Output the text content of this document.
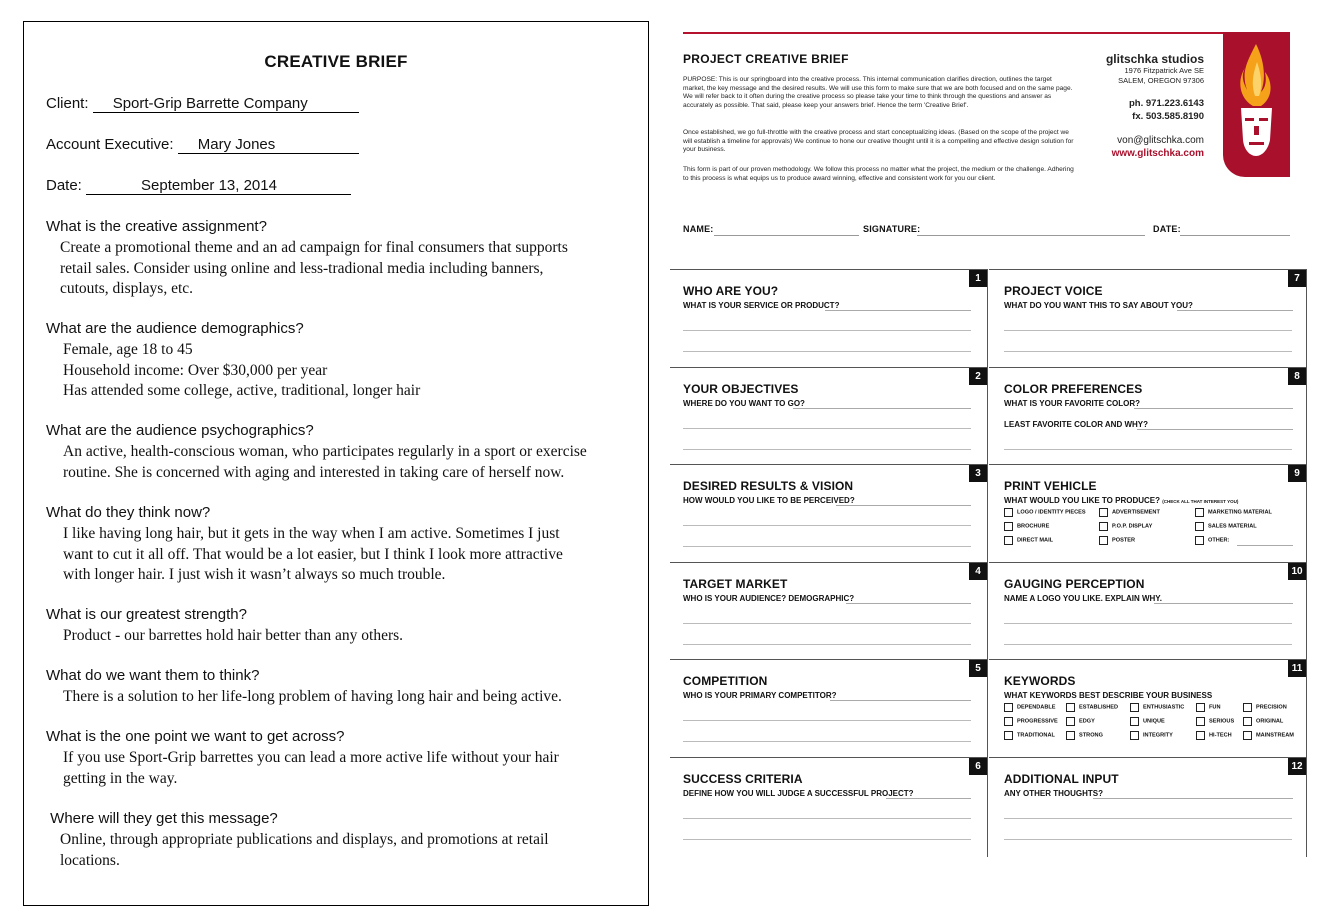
CREATIVE BRIEF
Client: Sport-Grip Barrette Company
Account Executive: Mary Jones
Date:	September 13, 2014
What is the creative assignment?
Create a promotional theme and an ad campaign for final consumers that supports
retail sales. Consider using online and less-tradional media including banners,
cutouts, displays, etc.
What are the audience demographics?
Female, age 18 to 45
Household income: Over $30,000 per year
Has attended some college, active, traditional, longer hair
What are the audience psychographics?
An active, health-conscious woman, who participates regularly in a sport or exercise
routine. She is concerned with aging and interested in taking care of herself now.
What do they think now?
I like having long hair, but it gets in the way when I am active. Sometimes I just
want to cut it all off. That would be a lot easier, but I think I look more attractive
with longer hair. I just wish it wasn’t always so much trouble.
What is our greatest strength?
Product - our barrettes hold hair better than any others.
What do we want them to think?
There is a solution to her life-long problem of having long hair and being active.
What is the one point we want to get across?
If you use Sport-Grip barrettes you can lead a more active life without your hair
getting in the way.
Where will they get this message?
Online, through appropriate publications and displays, and promotions at retail
locations.
PROJECT CREATIVE BRIEF
PURPOSE: This is our springboard into the creative process. This internal communication clarifies direction, outlines the target market, the key message and the desired results. We will use this form to make sure that we are both focused and on the same page. We will refer back to it often during the creative process so please take your time to think through the questions and answer as accurately as possible. That said, please keep your answers brief. Hence the term 'Creative Brief'.
Once established, we go full-throttle with the creative process and start conceptualizing ideas. (Based on the scope of the project we will establish a timeline for approvals) We continue to hone our creative thought until it is a compelling and effective design solution for your business.
This form is part of our proven methodology. We follow this process no matter what the project, the medium or the challenge. Adhering to this process is what equips us to produce award winning, effective and consistent work for you our client.
glitschka studios
1976 Fitzpatrick Ave SE
SALEM, OREGON 97306
ph. 971.223.6143
fx. 503.585.8190
von@glitschka.com
www.glitschka.com
NAME:	SIGNATURE:	DATE:
1
WHO ARE YOU?
WHAT IS YOUR SERVICE OR PRODUCT?
2
YOUR OBJECTIVES
WHERE DO YOU WANT TO GO?
3
DESIRED RESULTS & VISION
HOW WOULD YOU LIKE TO BE PERCEIVED?
4
TARGET MARKET
WHO IS YOUR AUDIENCE? DEMOGRAPHIC?
5
COMPETITION
WHO IS YOUR PRIMARY COMPETITOR?
6
SUCCESS CRITERIA
DEFINE HOW YOU WILL JUDGE A SUCCESSFUL PROJECT?
7
PROJECT VOICE
WHAT DO YOU WANT THIS TO SAY ABOUT YOU?
8
COLOR PREFERENCES
WHAT IS YOUR FAVORITE COLOR?
LEAST FAVORITE COLOR AND WHY?
9
PRINT VEHICLE
WHAT WOULD YOU LIKE TO PRODUCE? (CHECK ALL THAT INTEREST YOU)
LOGO / IDENTITY PIECES	ADVERTISEMENT	MARKETING MATERIAL
BROCHURE	P.O.P. DISPLAY	SALES MATERIAL
DIRECT MAIL	POSTER	OTHER:
10
GAUGING PERCEPTION
NAME A LOGO YOU LIKE. EXPLAIN WHY.
11
KEYWORDS
WHAT KEYWORDS BEST DESCRIBE YOUR BUSINESS
DEPENDABLE	ESTABLISHED	ENTHUSIASTIC	FUN	PRECISION
PROGRESSIVE	EDGY	UNIQUE	SERIOUS	ORIGINAL
TRADITIONAL	STRONG	INTEGRITY	HI-TECH	MAINSTREAM
12
ADDITIONAL INPUT
ANY OTHER THOUGHTS?
